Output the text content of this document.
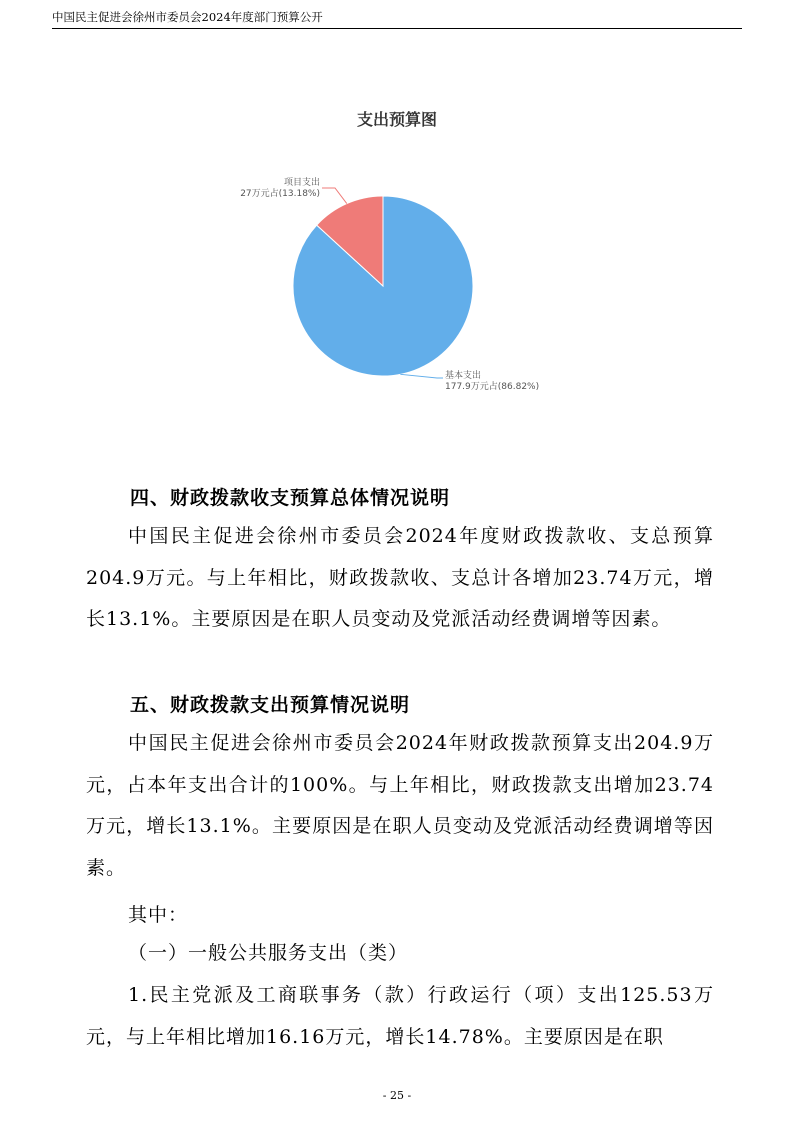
中国民主促进会徐州市委员会2024年度部门预算公开
支出预算图
项目支出
27万元占(13.18%)
基本支出
177.9万元占(86.82%)
四、财政拨款收支预算总体情况说明
中国民主促进会徐州市委员会2024年度财政拨款收、支总预算204.9万元。与上年相比，财政拨款收、支总计各增加23.74万元，增长13.1%。主要原因是在职人员变动及党派活动经费调增等因素。
五、财政拨款支出预算情况说明
中国民主促进会徐州市委员会2024年财政拨款预算支出204.9万元，占本年支出合计的100%。与上年相比，财政拨款支出增加23.74万元，增长13.1%。主要原因是在职人员变动及党派活动经费调增等因素。
其中：
（一）一般公共服务支出（类）
1.民主党派及工商联事务（款）行政运行（项）支出125.53万元，与上年相比增加16.16万元，增长14.78%。主要原因是在职
- 25 -
